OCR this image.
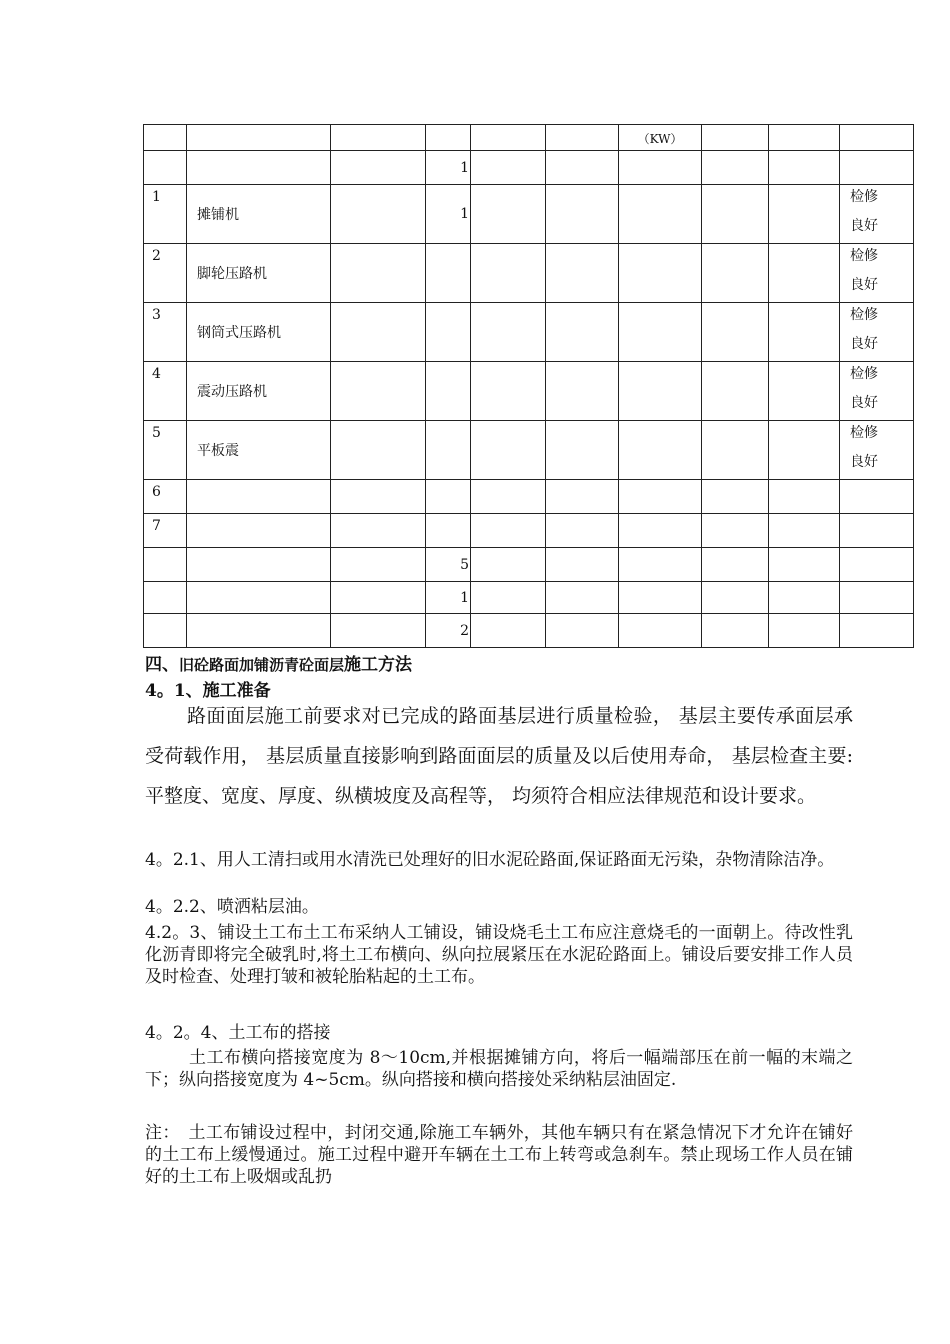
						（KW）			
			1						
1	摊铺机		1						检修
良好

2	脚轮压路机								检修
良好

3	钢筒式压路机								检修
良好

4	震动压路机								检修
良好

5	平板震								检修
良好

6									
7									
			5						
			1						
			2						
四、旧砼路面加铺沥青砼面层施工方法
4。1、施工准备

路面面层施工前要求对已完成的路面基层进行质量检验， 基层主要传承面层承受荷载作用， 基层质量直接影响到路面面层的质量及以后使用寿命， 基层检查主要:平整度、宽度、厚度、纵横坡度及高程等， 均须符合相应法律规范和设计要求。

4。2.1、用人工清扫或用水清洗已处理好的旧水泥砼路面,保证路面无污染，杂物清除洁净。

4。2.2、喷洒粘层油。

4.2。3、铺设土工布土工布采纳人工铺设，铺设烧毛土工布应注意烧毛的一面朝上。待改性乳化沥青即将完全破乳时,将土工布横向、纵向拉展紧压在水泥砼路面上。铺设后要安排工作人员及时检查、处理打皱和被轮胎粘起的土工布。

4。2。4、土工布的搭接

土工布横向搭接宽度为 8～10cm,并根据摊铺方向，将后一幅端部压在前一幅的末端之下；纵向搭接宽度为 4~5cm。纵向搭接和横向搭接处采纳粘层油固定.

注：　土工布铺设过程中，封闭交通,除施工车辆外，其他车辆只有在紧急情况下才允许在铺好的土工布上缓慢通过。施工过程中避开车辆在土工布上转弯或急刹车。禁止现场工作人员在铺好的土工布上吸烟或乱扔
